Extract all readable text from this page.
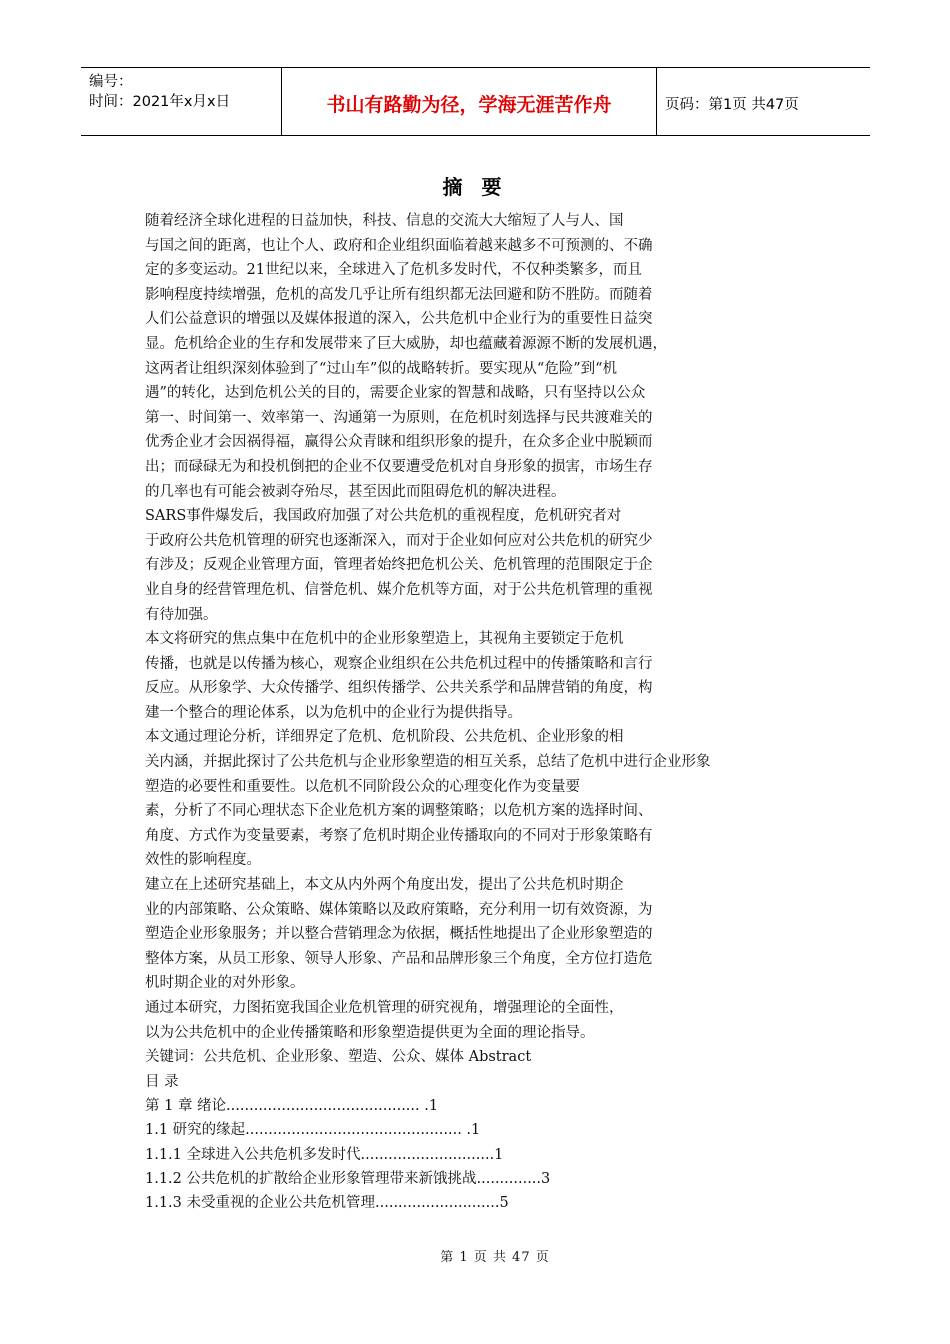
编号：
时间：2021年x月x日	书山有路勤为径，学海无涯苦作舟	页码：第1页 共47页
摘 要
随着经济全球化进程的日益加快，科技、信息的交流大大缩短了人与人、国
与国之间的距离，也让个人、政府和企业组织面临着越来越多不可预测的、不确
定的多变运动。21世纪以来，全球进入了危机多发时代，不仅种类繁多，而且
影响程度持续增强，危机的高发几乎让所有组织都无法回避和防不胜防。而随着
人们公益意识的增强以及媒体报道的深入，公共危机中企业行为的重要性日益突
显。危机给企业的生存和发展带来了巨大威胁，却也蕴藏着源源不断的发展机遇，
这两者让组织深刻体验到了“过山车”似的战略转折。要实现从“危险”到“机
遇”的转化，达到危机公关的目的，需要企业家的智慧和战略，只有坚持以公众
第一、时间第一、效率第一、沟通第一为原则，在危机时刻选择与民共渡难关的
优秀企业才会因祸得福，赢得公众青睐和组织形象的提升，在众多企业中脱颖而
出；而碌碌无为和投机倒把的企业不仅要遭受危机对自身形象的损害，市场生存
的几率也有可能会被剥夺殆尽，甚至因此而阻碍危机的解决进程。
SARS事件爆发后，我国政府加强了对公共危机的重视程度，危机研究者对
于政府公共危机管理的研究也逐渐深入，而对于企业如何应对公共危机的研究少
有涉及；反观企业管理方面，管理者始终把危机公关、危机管理的范围限定于企
业自身的经营管理危机、信誉危机、媒介危机等方面，对于公共危机管理的重视
有待加强。
本文将研究的焦点集中在危机中的企业形象塑造上，其视角主要锁定于危机
传播，也就是以传播为核心，观察企业组织在公共危机过程中的传播策略和言行
反应。从形象学、大众传播学、组织传播学、公共关系学和品牌营销的角度，构
建一个整合的理论体系，以为危机中的企业行为提供指导。
本文通过理论分析，详细界定了危机、危机阶段、公共危机、企业形象的相
关内涵，并据此探讨了公共危机与企业形象塑造的相互关系，总结了危机中进行企业形象
塑造的必要性和重要性。以危机不同阶段公众的心理变化作为变量要
素，分析了不同心理状态下企业危机方案的调整策略；以危机方案的选择时间、
角度、方式作为变量要素，考察了危机时期企业传播取向的不同对于形象策略有
效性的影响程度。
建立在上述研究基础上，本文从内外两个角度出发，提出了公共危机时期企
业的内部策略、公众策略、媒体策略以及政府策略，充分利用一切有效资源，为
塑造企业形象服务；并以整合营销理念为依据，概括性地提出了企业形象塑造的
整体方案，从员工形象、领导人形象、产品和品牌形象三个角度，全方位打造危
机时期企业的对外形象。
通过本研究，力图拓宽我国企业危机管理的研究视角，增强理论的全面性，
以为公共危机中的企业传播策略和形象塑造提供更为全面的理论指导。
关键词：公共危机、企业形象、塑造、公众、媒体 Abstract
目 录
第 1 章 绪论.......................................... .1
1.1 研究的缘起............................................... .1
1.1.1 全球进入公共危机多发时代.............................1
1.1.2 公共危机的扩散给企业形象管理带来新饿挑战..............3
1.1.3 未受重视的企业公共危机管理...........................5
第 1 页 共 47 页
